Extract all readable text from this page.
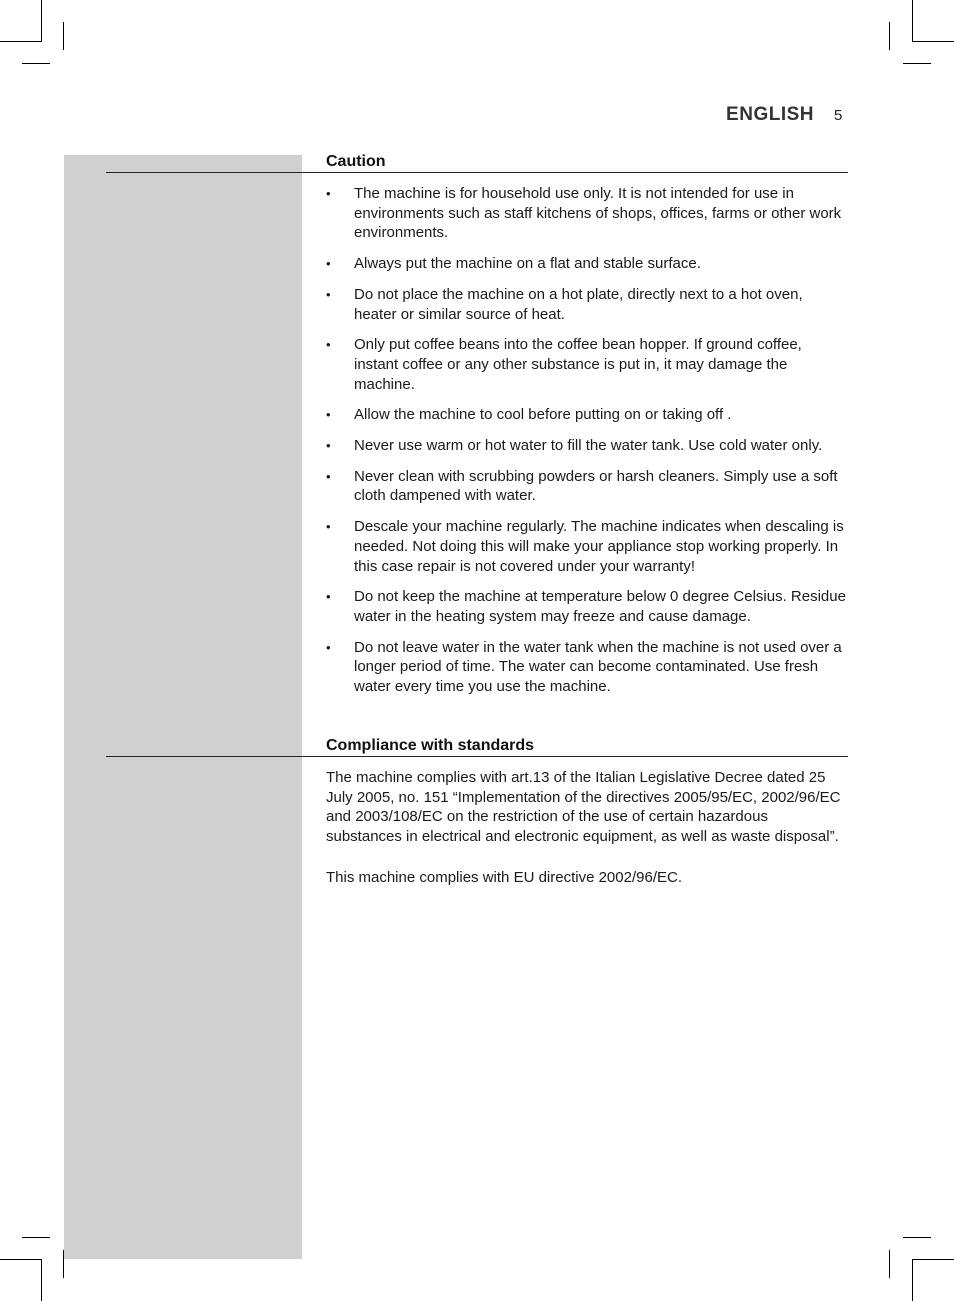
ENGLISH 5
Caution
•	The machine is for household use only. It is not intended for use in environments such as staff kitchens of shops, offices, farms or other work environments.
•	Always put the machine on a flat and stable surface.
•	Do not place the machine on a hot plate, directly next to a hot oven, heater or similar source of heat.
•	Only put coffee beans into the coffee bean hopper. If ground coffee, instant coffee or any other substance is put in, it may damage the machine.
•	Allow the machine to cool before putting on or taking off .
•	Never use warm or hot water to fill the water tank. Use cold water only.
•	Never clean with scrubbing powders or harsh cleaners. Simply use a soft cloth dampened with water.
•	Descale your machine regularly. The machine indicates when descaling is needed. Not doing this will make your appliance stop working properly. In this case repair is not covered under your warranty!
•	Do not keep the machine at temperature below 0 degree Celsius. Residue water in the heating system may freeze and cause damage.
•	Do not leave water in the water tank when the machine is not used over a longer period of time. The water can become contaminated. Use fresh water every time you use the machine.
Compliance with standards

The machine complies with art.13 of the Italian Legislative Decree dated 25 July 2005, no. 151 “Implementation of the directives 2005/95/EC, 2002/96/EC and 2003/108/EC on the restriction of the use of certain hazardous substances in electrical and electronic equipment, as well as waste disposal”.

This machine complies with EU directive 2002/96/EC.
